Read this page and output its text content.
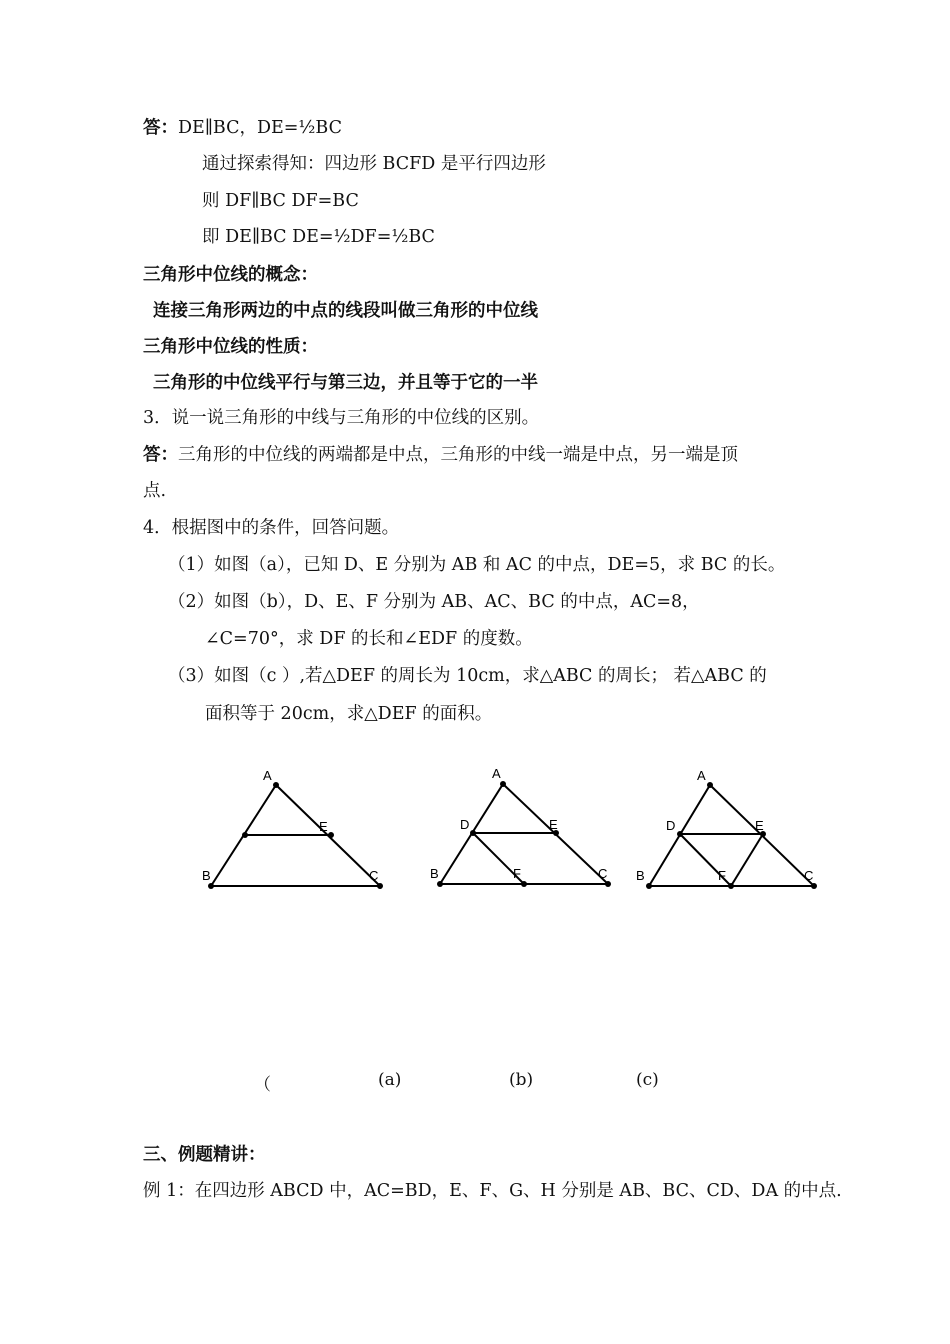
答：DE∥BC，DE=½BC
通过探索得知：四边形 BCFD 是平行四边形
则 DF∥BC DF=BC
即 DE∥BC DE=½DF=½BC
三角形中位线的概念：
连接三角形两边的中点的线段叫做三角形的中位线
三角形中位线的性质：
三角形的中位线平行与第三边，并且等于它的一半
3．说一说三角形的中线与三角形的中位线的区别。
答：三角形的中位线的两端都是中点，三角形的中线一端是中点，另一端是顶
点.
4．根据图中的条件，回答问题。
（1）如图（a），已知 D、E 分别为 AB 和 AC 的中点，DE=5，求 BC 的长。
（2）如图（b），D、E、F 分别为 AB、AC、BC 的中点，AC=8，
∠C=70°，求 DF 的长和∠EDF 的度数。
（3）如图（c ）,若△DEF 的周长为 10cm，求△ABC 的周长； 若△ABC 的
面积等于 20cm，求△DEF 的面积。
A
E
B	C
A
D	E
B	F	C
A
D	E
B	F	C
（	(a)	(b)	(c)
三、例题精讲：
例 1：在四边形 ABCD 中，AC=BD，E、F、G、H 分别是 AB、BC、CD、DA 的中点.
